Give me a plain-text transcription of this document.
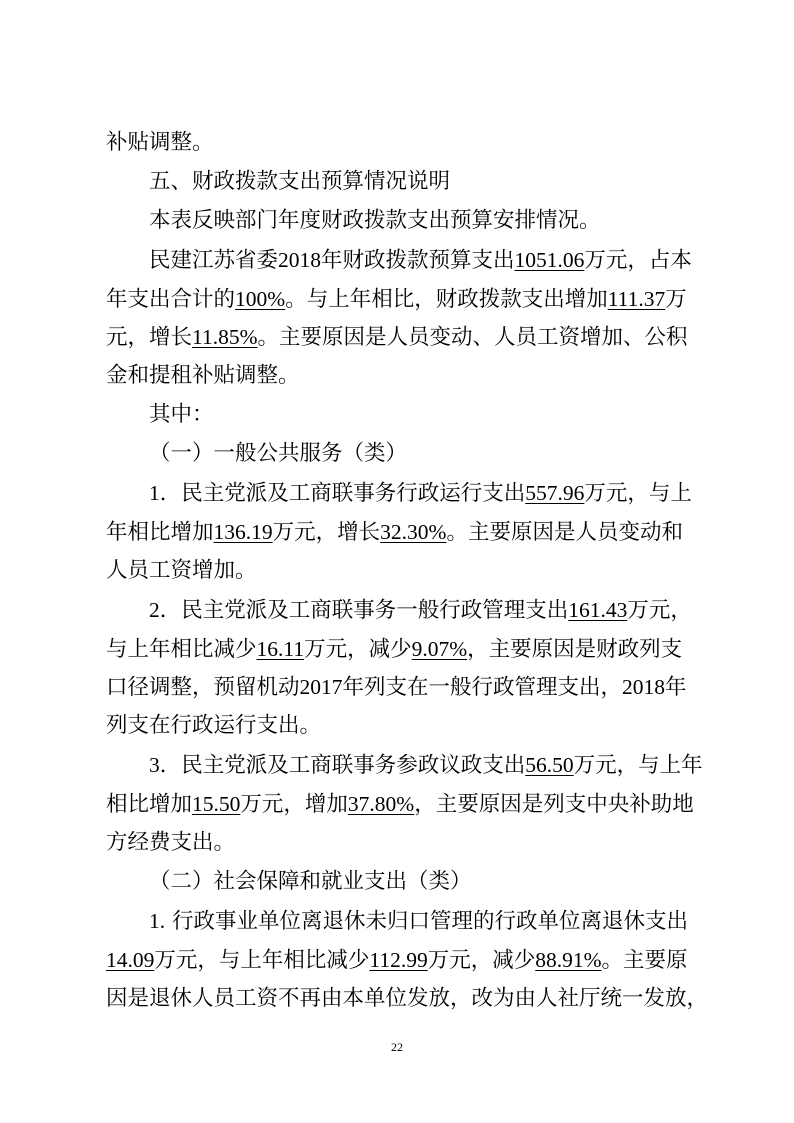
补贴调整。
五、财政拨款支出预算情况说明
本表反映部门年度财政拨款支出预算安排情况。
民建江苏省委2018年财政拨款预算支出1051.06万元，占本
年支出合计的100%。与上年相比，财政拨款支出增加111.37万
元，增长11.85%。主要原因是人员变动、人员工资增加、公积
金和提租补贴调整。
其中：
（一）一般公共服务（类）
1．民主党派及工商联事务行政运行支出557.96万元，与上
年相比增加136.19万元，增长32.30%。主要原因是人员变动和
人员工资增加。
2．民主党派及工商联事务一般行政管理支出161.43万元，
与上年相比减少16.11万元，减少9.07%，主要原因是财政列支
口径调整，预留机动2017年列支在一般行政管理支出，2018年
列支在行政运行支出。
3．民主党派及工商联事务参政议政支出56.50万元，与上年
相比增加15.50万元，增加37.80%，主要原因是列支中央补助地
方经费支出。
（二）社会保障和就业支出（类）
1. 行政事业单位离退休未归口管理的行政单位离退休支出
14.09万元，与上年相比减少112.99万元，减少88.91%。主要原
因是退休人员工资不再由本单位发放，改为由人社厅统一发放，
22
